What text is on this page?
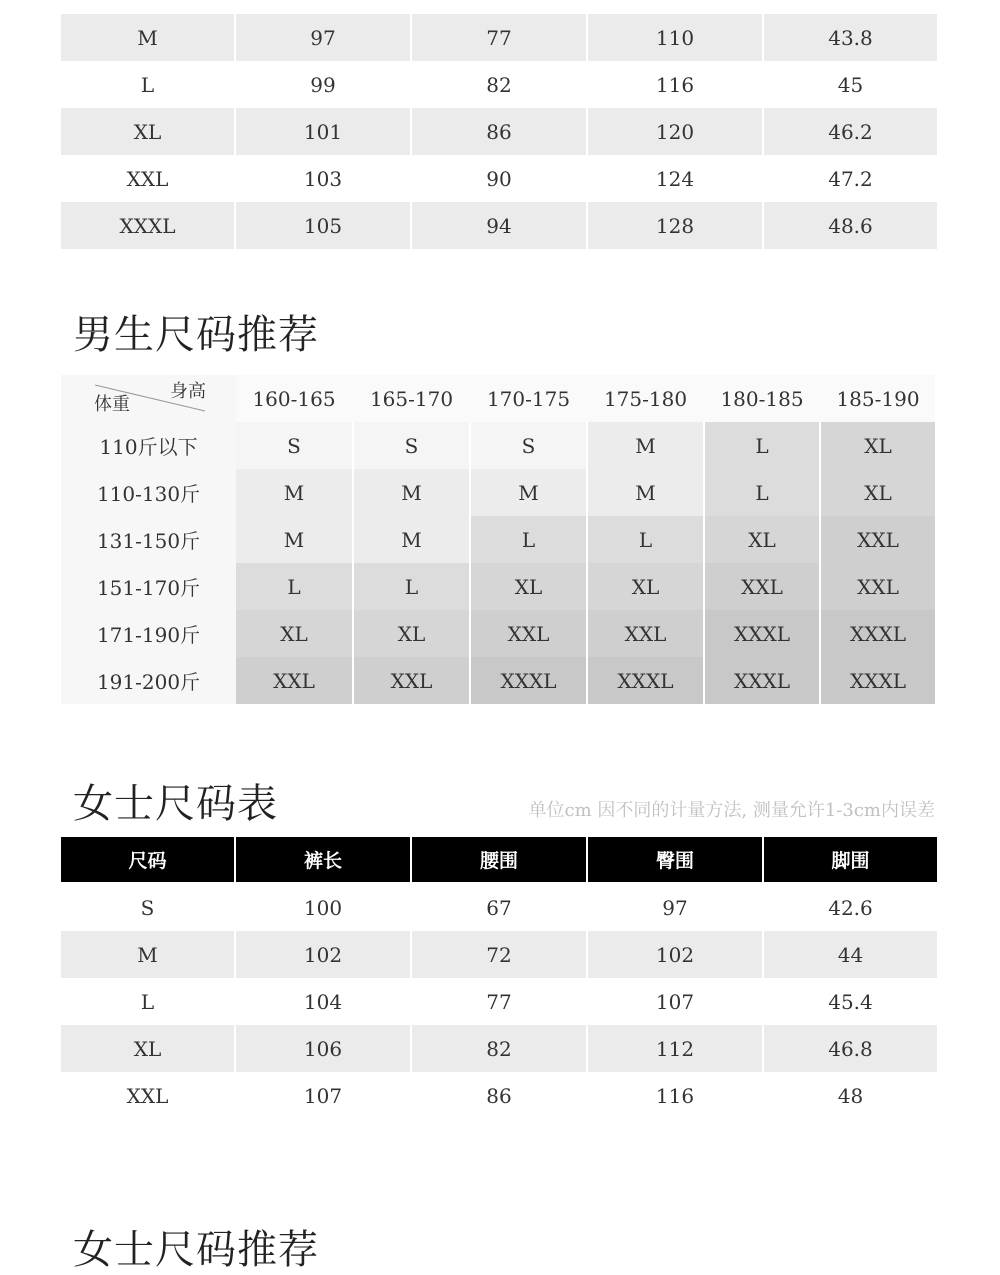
M	97	77	110	43.8
L	99	82	116	45
XL	101	86	120	46.2
XXL	103	90	124	47.2
XXXL	105	94	128	48.6
男生尺码推荐
身高
体重	160-165	165-170	170-175	175-180	180-185	185-190
110斤以下	S	S	S	M	L	XL
110-130斤	M	M	M	M	L	XL
131-150斤	M	M	L	L	XL	XXL
151-170斤	L	L	XL	XL	XXL	XXL
171-190斤	XL	XL	XXL	XXL	XXXL	XXXL
191-200斤	XXL	XXL	XXXL	XXXL	XXXL	XXXL
女士尺码表	单位cm 因不同的计量方法, 测量允许1-3cm内误差
尺码	裤长	腰围	臀围	脚围
S	100	67	97	42.6
M	102	72	102	44
L	104	77	107	45.4
XL	106	82	112	46.8
XXL	107	86	116	48
女士尺码推荐
